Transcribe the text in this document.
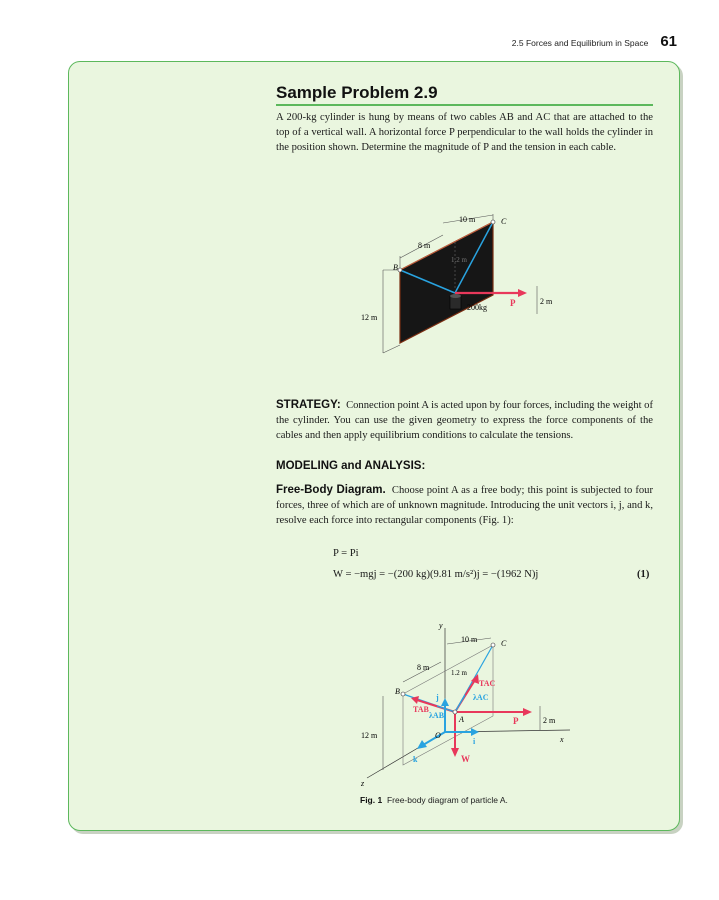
2.5 Forces and Equilibrium in Space 61
Sample Problem 2.9

A 200-kg cylinder is hung by means of two cables AB and AC that are attached to the top of a vertical wall. A horizontal force P perpendicular to the wall holds the cylinder in the position shown. Determine the magnitude of P and the tension in each cable.

10 m
8 m
1.2 m
12 m
2 m
B
C
P
200kg

STRATEGY: Connection point A is acted upon by four forces, including the weight of the cylinder. You can use the given geometry to express the force components of the cables and then apply equilibrium conditions to calculate the tensions.

MODELING and ANALYSIS:

Free-Body Diagram. Choose point A as a free body; this point is subjected to four forces, three of which are of unknown magnitude. Introducing the unit vectors i, j, and k, resolve each force into rectangular components (Fig. 1):

P = Pi
W = −mgj = −(200 kg)(9.81 m/s²)j = −(1962 N)j	(1)
y
x
z
10 m
8 m
1.2 m
12 m
2 m
B
C
A
O
P
W
TAB
TAC
λAB
λAC
i
j
k
Fig. 1 Free-body diagram of particle A.
